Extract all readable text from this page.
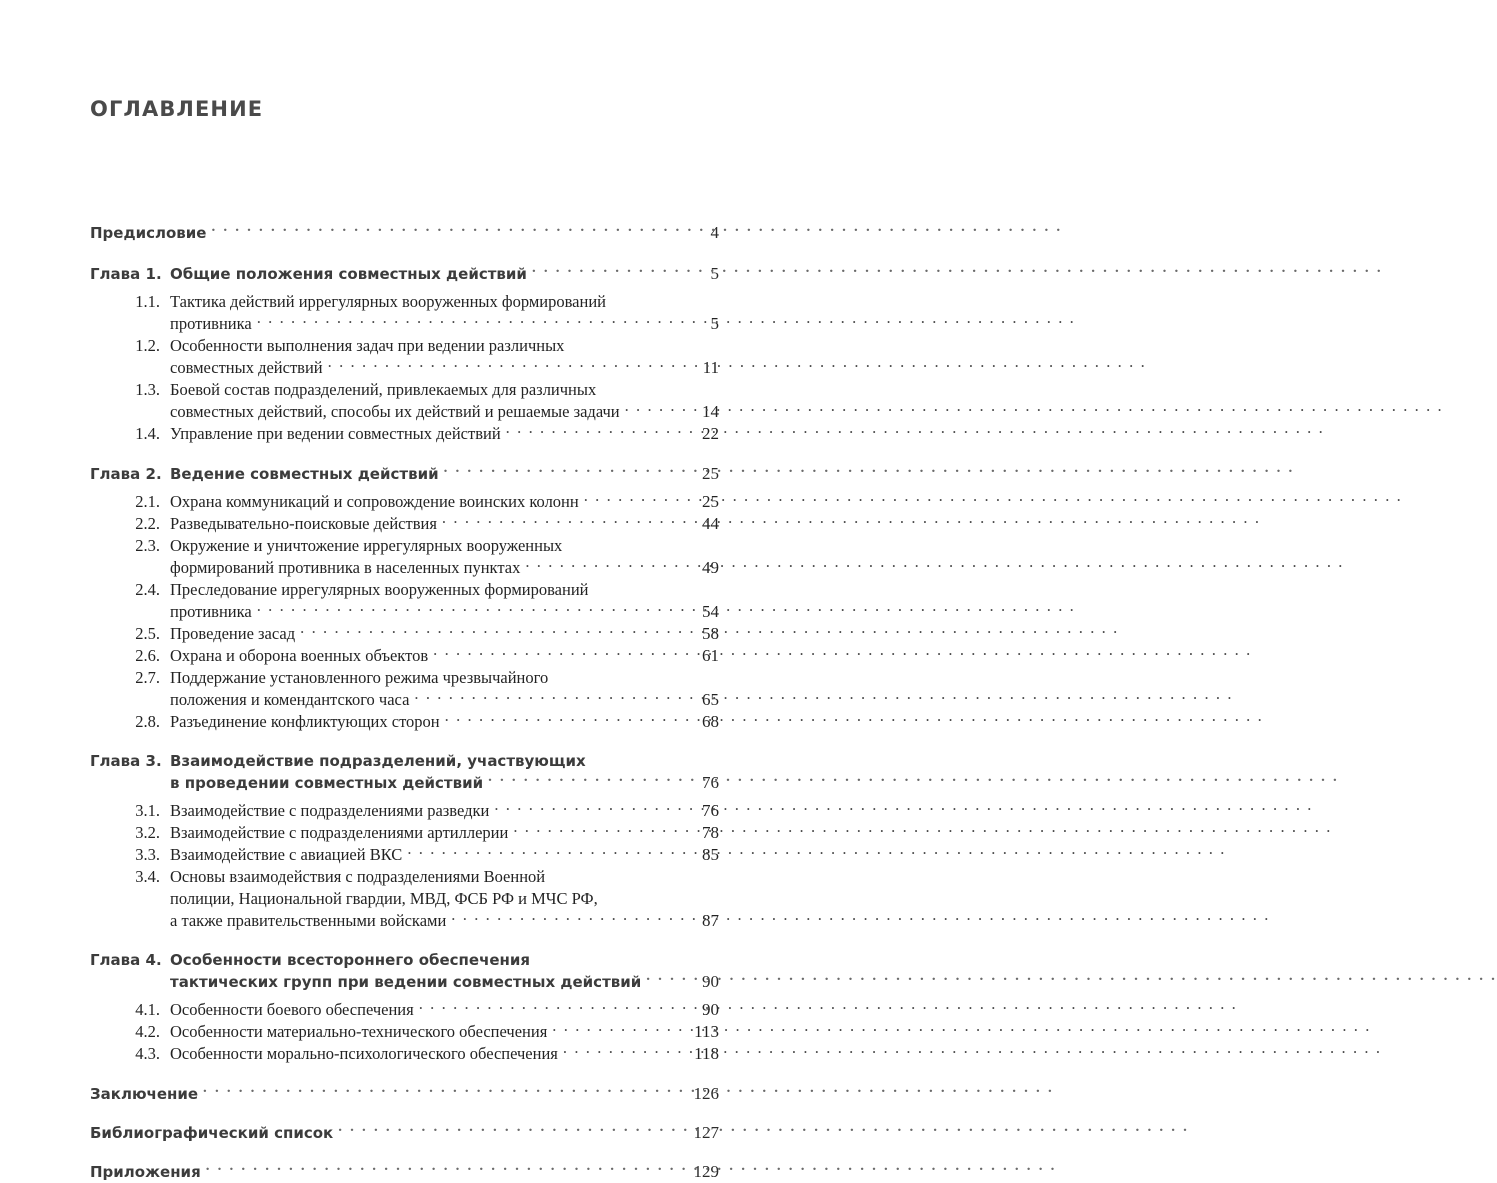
ОГЛАВЛЕНИЕ
Предисловие . . .	4
Глава 1. Общие положения совместных действий . . .	5
1.1. Тактика действий иррегулярных вооруженных формирований
противника . . .	5
1.2. Особенности выполнения задач при ведении различных
совместных действий . . .	11
1.3. Боевой состав подразделений, привлекаемых для различных
совместных действий, способы их действий и решаемые задачи . . .	14
1.4. Управление при ведении совместных действий . . .	22
Глава 2. Ведение совместных действий . . .	25
2.1. Охрана коммуникаций и сопровождение воинских колонн . . .	25
2.2. Разведывательно-поисковые действия . . .	44
2.3. Окружение и уничтожение иррегулярных вооруженных
формирований противника в населенных пунктах . . .	49
2.4. Преследование иррегулярных вооруженных формирований
противника . . .	54
2.5. Проведение засад . . .	58
2.6. Охрана и оборона военных объектов . . .	61
2.7. Поддержание установленного режима чрезвычайного
положения и комендантского часа . . .	65
2.8. Разъединение конфликтующих сторон . . .	68
Глава 3. Взаимодействие подразделений, участвующих
в проведении совместных действий . . .	76
3.1. Взаимодействие с подразделениями разведки . . .	76
3.2. Взаимодействие с подразделениями артиллерии . . .	78
3.3. Взаимодействие с авиацией ВКС . . .	85
3.4. Основы взаимодействия с подразделениями Военной
полиции, Национальной гвардии, МВД, ФСБ РФ и МЧС РФ,
а также правительственными войсками . . .	87
Глава 4. Особенности всестороннего обеспечения
тактических групп при ведении совместных действий . . .	90
4.1. Особенности боевого обеспечения . . .	90
4.2. Особенности материально-технического обеспечения . . .	113
4.3. Особенности морально-психологического обеспечения . . .	118
Заключение . . .	126
Библиографический список . . .	127
Приложения . . .	129
